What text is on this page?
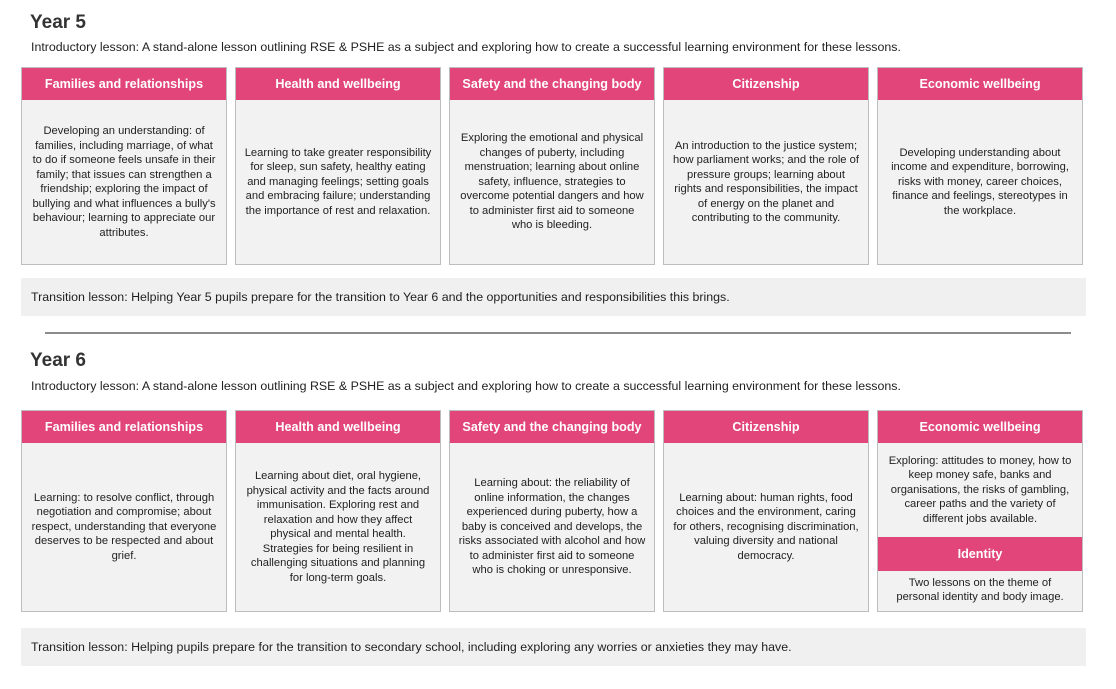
Year 5

Introductory lesson: A stand-alone lesson outlining RSE & PSHE as a subject and exploring how to create a successful learning environment for these lessons.

Families and relationships
Developing an understanding: of families, including marriage, of what to do if someone feels unsafe in their family; that issues can strengthen a friendship; exploring the impact of bullying and what influences a bully's behaviour; learning to appreciate our attributes.
Health and wellbeing
Learning to take greater responsibility for sleep, sun safety, healthy eating and managing feelings; setting goals and embracing failure; understanding the importance of rest and relaxation.
Safety and the changing body
Exploring the emotional and physical changes of puberty, including menstruation; learning about online safety, influence, strategies to overcome potential dangers and how to administer first aid to someone who is bleeding.
Citizenship
An introduction to the justice system; how parliament works; and the role of pressure groups; learning about rights and responsibilities, the impact of energy on the planet and contributing to the community.
Economic wellbeing
Developing understanding about income and expenditure, borrowing, risks with money, career choices, finance and feelings, stereotypes in the workplace.
Transition lesson: Helping Year 5 pupils prepare for the transition to Year 6 and the opportunities and responsibilities this brings.
Year 6

Introductory lesson: A stand-alone lesson outlining RSE & PSHE as a subject and exploring how to create a successful learning environment for these lessons.

Families and relationships
Learning: to resolve conflict, through negotiation and compromise; about respect, understanding that everyone deserves to be respected and about grief.
Health and wellbeing
Learning about diet, oral hygiene, physical activity and the facts around immunisation. Exploring rest and relaxation and how they affect physical and mental health. Strategies for being resilient in challenging situations and planning for long-term goals.
Safety and the changing body
Learning about: the reliability of online information, the changes experienced during puberty, how a baby is conceived and develops, the risks associated with alcohol and how to administer first aid to someone who is choking or unresponsive.
Citizenship
Learning about: human rights, food choices and the environment, caring for others, recognising discrimination, valuing diversity and national democracy.
Economic wellbeing
Exploring: attitudes to money, how to keep money safe, banks and organisations, the risks of gambling, career paths and the variety of different jobs available.
Identity
Two lessons on the theme of personal identity and body image.
Transition lesson: Helping pupils prepare for the transition to secondary school, including exploring any worries or anxieties they may have.
